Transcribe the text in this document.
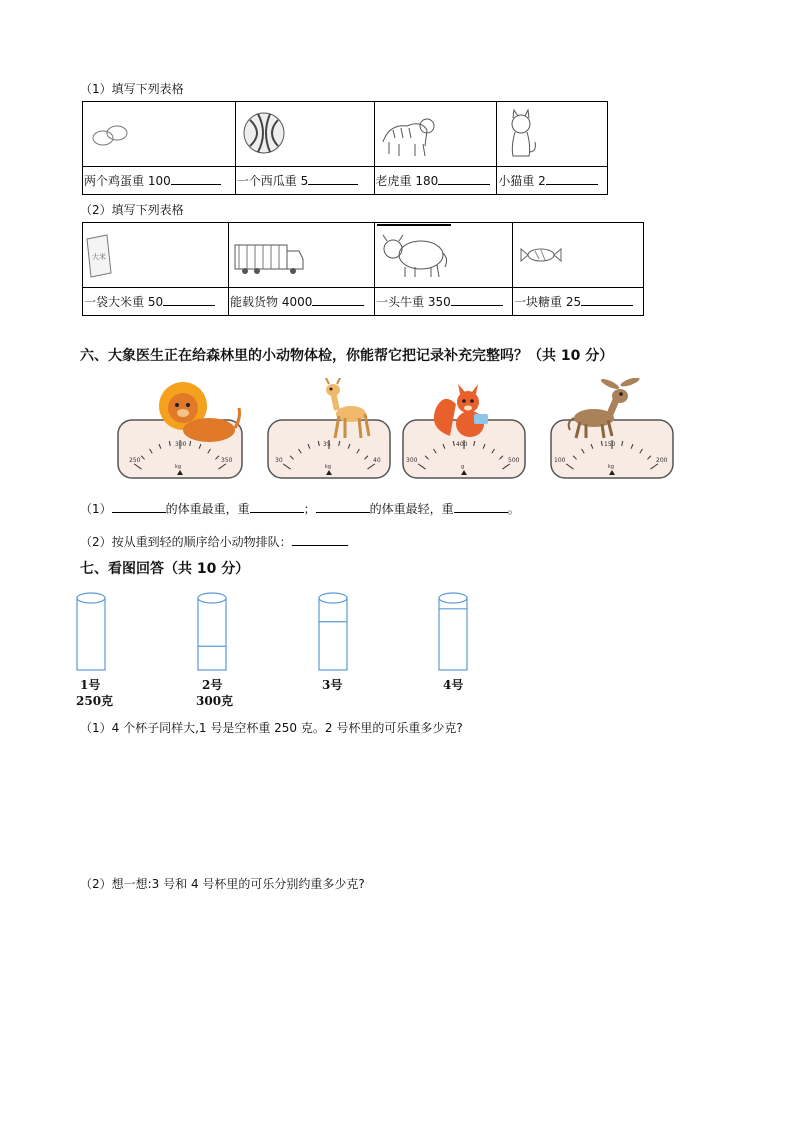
（1）填写下列表格

两个鸡蛋重 100	一个西瓜重 5	老虎重 180	小猫重 2
（2）填写下列表格
大米

一袋大米重 50	能载货物 4000	一头牛重 350	一块糖重 25
六、大象医生正在给森林里的小动物体检，你能帮它把记录补充完整吗？（共 10 分）
250
300
350
kg
30
35
40
kg
300
400
500
g
100
150
200
kg
（1）	的体重最重，重	；	的体重最轻，重	。
（2）按从重到轻的顺序给小动物排队：
七、看图回答（共 10 分）
1号
250克
2号
300克
3号	4号
（1）4 个杯子同样大,1 号是空杯重 250 克。2 号杯里的可乐重多少克?
（2）想一想:3 号和 4 号杯里的可乐分别约重多少克?
